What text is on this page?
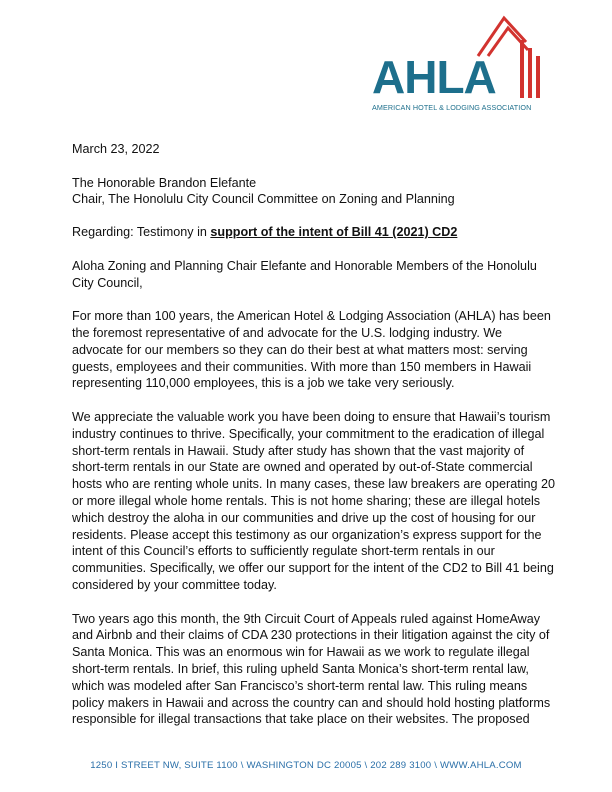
AHLA
AMERICAN HOTEL & LODGING ASSOCIATION

March 23, 2022

The Honorable Brandon Elefante
Chair, The Honolulu City Council Committee on Zoning and Planning

Regarding: Testimony in support of the intent of Bill 41 (2021) CD2

Aloha Zoning and Planning Chair Elefante and Honorable Members of the Honolulu City Council,

For more than 100 years, the American Hotel & Lodging Association (AHLA) has been the foremost representative of and advocate for the U.S. lodging industry. We advocate for our members so they can do their best at what matters most: serving guests, employees and their communities. With more than 150 members in Hawaii representing 110,000 employees, this is a job we take very seriously.

We appreciate the valuable work you have been doing to ensure that Hawaii’s tourism industry continues to thrive. Specifically, your commitment to the eradication of illegal short-term rentals in Hawaii. Study after study has shown that the vast majority of short-term rentals in our State are owned and operated by out-of-State commercial hosts who are renting whole units. In many cases, these law breakers are operating 20 or more illegal whole home rentals. This is not home sharing; these are illegal hotels which destroy the aloha in our communities and drive up the cost of housing for our residents. Please accept this testimony as our organization’s express support for the intent of this Council’s efforts to sufficiently regulate short-term rentals in our communities. Specifically, we offer our support for the intent of the CD2 to Bill 41 being considered by your committee today.

Two years ago this month, the 9th Circuit Court of Appeals ruled against HomeAway and Airbnb and their claims of CDA 230 protections in their litigation against the city of Santa Monica. This was an enormous win for Hawaii as we work to regulate illegal short-term rentals. In brief, this ruling upheld Santa Monica’s short-term rental law, which was modeled after San Francisco’s short-term rental law. This ruling means policy makers in Hawaii and across the country can and should hold hosting platforms responsible for illegal transactions that take place on their websites. The proposed

1250 I STREET NW, SUITE 1100 \ WASHINGTON DC 20005 \ 202 289 3100 \ WWW.AHLA.COM
